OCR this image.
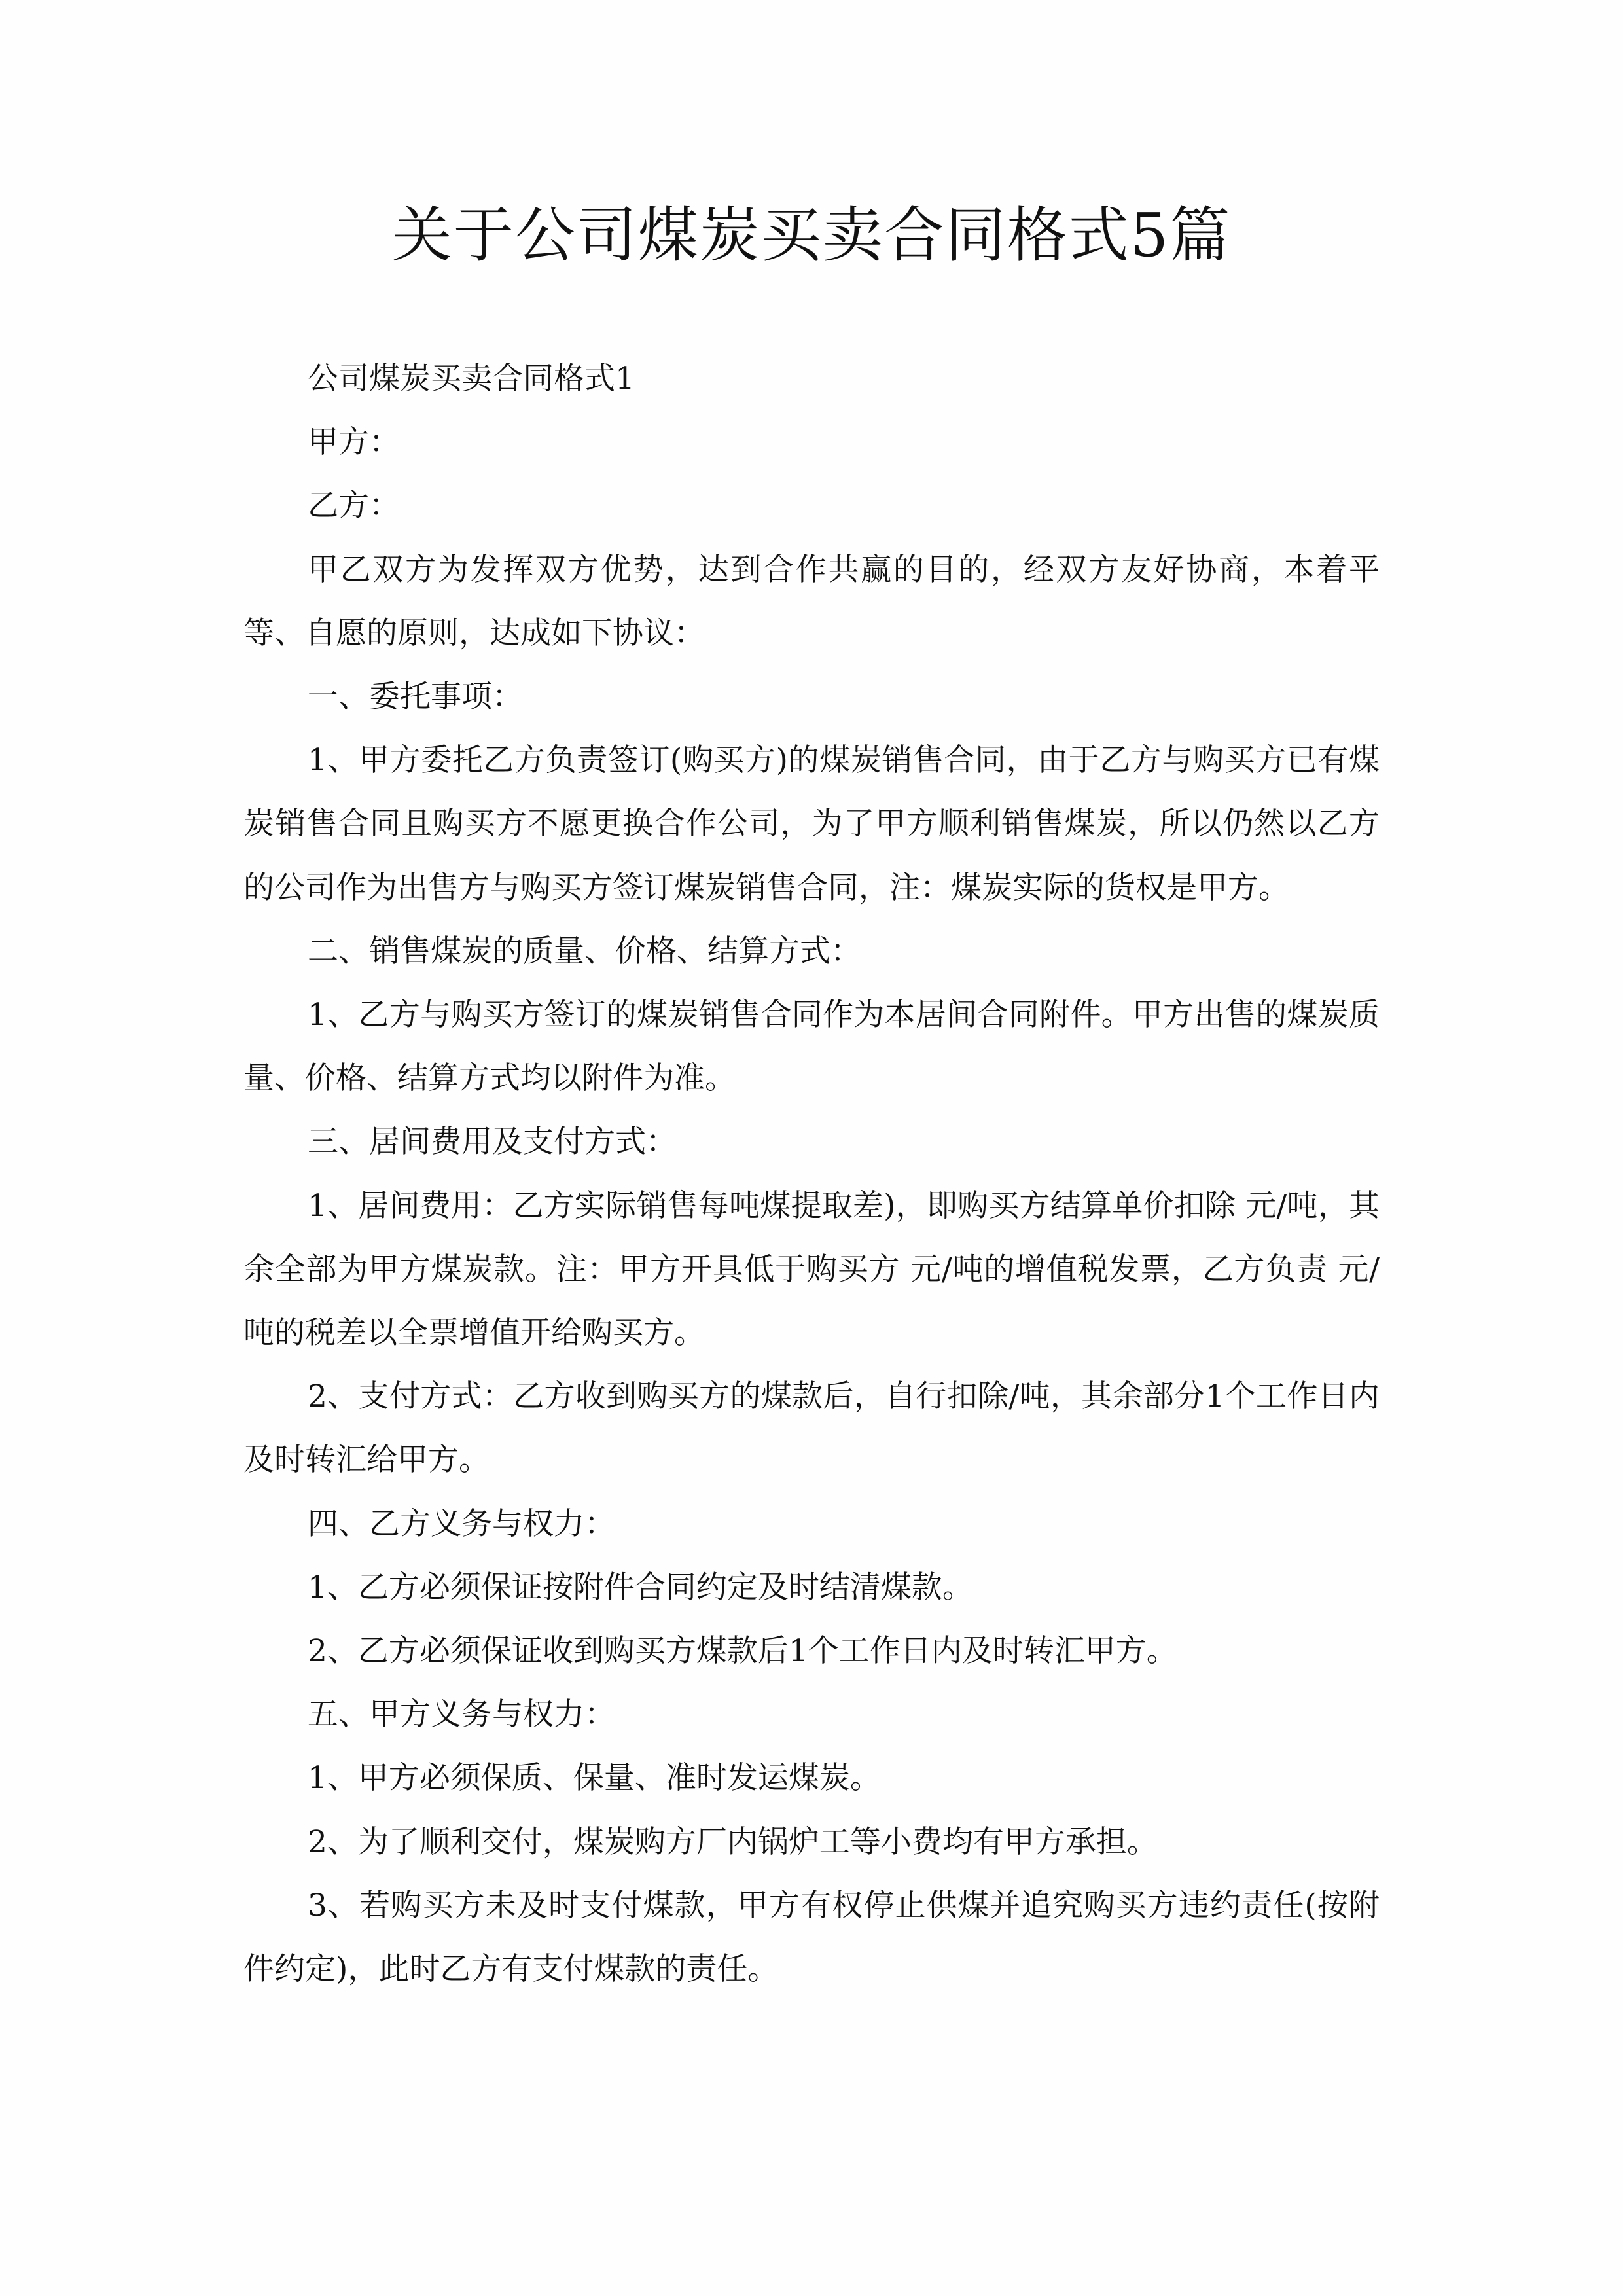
关于公司煤炭买卖合同格式5篇

公司煤炭买卖合同格式1

甲方：

乙方：

甲乙双方为发挥双方优势，达到合作共赢的目的，经双方友好协商，本着平等、自愿的原则，达成如下协议：

一、委托事项：

1、甲方委托乙方负责签订(购买方)的煤炭销售合同，由于乙方与购买方已有煤炭销售合同且购买方不愿更换合作公司，为了甲方顺利销售煤炭，所以仍然以乙方的公司作为出售方与购买方签订煤炭销售合同，注：煤炭实际的货权是甲方。

二、销售煤炭的质量、价格、结算方式：

1、乙方与购买方签订的煤炭销售合同作为本居间合同附件。甲方出售的煤炭质量、价格、结算方式均以附件为准。

三、居间费用及支付方式：

1、居间费用：乙方实际销售每吨煤提取差)，即购买方结算单价扣除 元/吨，其余全部为甲方煤炭款。注：甲方开具低于购买方 元/吨的增值税发票，乙方负责 元/吨的税差以全票增值开给购买方。

2、支付方式：乙方收到购买方的煤款后，自行扣除/吨，其余部分1个工作日内及时转汇给甲方。

四、乙方义务与权力：

1、乙方必须保证按附件合同约定及时结清煤款。

2、乙方必须保证收到购买方煤款后1个工作日内及时转汇甲方。

五、甲方义务与权力：

1、甲方必须保质、保量、准时发运煤炭。

2、为了顺利交付，煤炭购方厂内锅炉工等小费均有甲方承担。

3、若购买方未及时支付煤款，甲方有权停止供煤并追究购买方违约责任(按附件约定)，此时乙方有支付煤款的责任。
